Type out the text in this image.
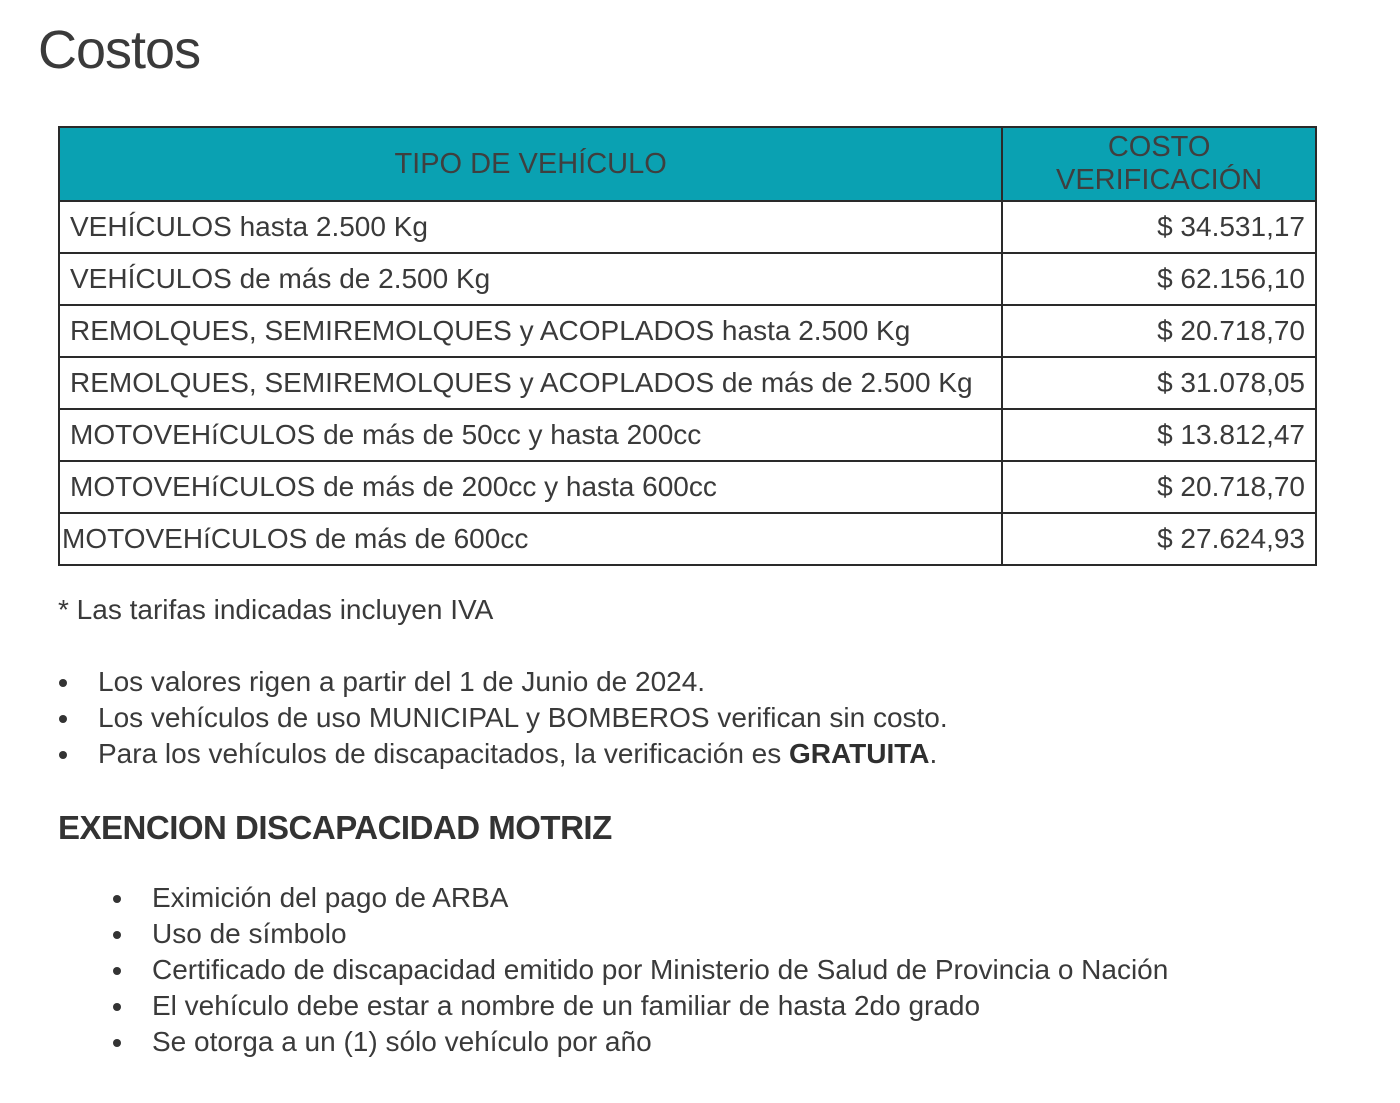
Costos
TIPO DE VEHÍCULO	COSTO VERIFICACIÓN
VEHÍCULOS hasta 2.500 Kg	$ 34.531,17
VEHÍCULOS de más de 2.500 Kg	$ 62.156,10
REMOLQUES, SEMIREMOLQUES y ACOPLADOS hasta 2.500 Kg	$ 20.718,70
REMOLQUES, SEMIREMOLQUES y ACOPLADOS de más de 2.500 Kg	$ 31.078,05
MOTOVEHíCULOS de más de 50cc y hasta 200cc	$ 13.812,47
MOTOVEHíCULOS de más de 200cc y hasta 600cc	$ 20.718,70
MOTOVEHíCULOS de más de 600cc	$ 27.624,93
* Las tarifas indicadas incluyen IVA
Los valores rigen a partir del 1 de Junio de 2024.
Los vehículos de uso MUNICIPAL y BOMBEROS verifican sin costo.
Para los vehículos de discapacitados, la verificación es GRATUITA.
EXENCION DISCAPACIDAD MOTRIZ
Eximición del pago de ARBA
Uso de símbolo
Certificado de discapacidad emitido por Ministerio de Salud de Provincia o Nación
El vehículo debe estar a nombre de un familiar de hasta 2do grado
Se otorga a un (1) sólo vehículo por año
